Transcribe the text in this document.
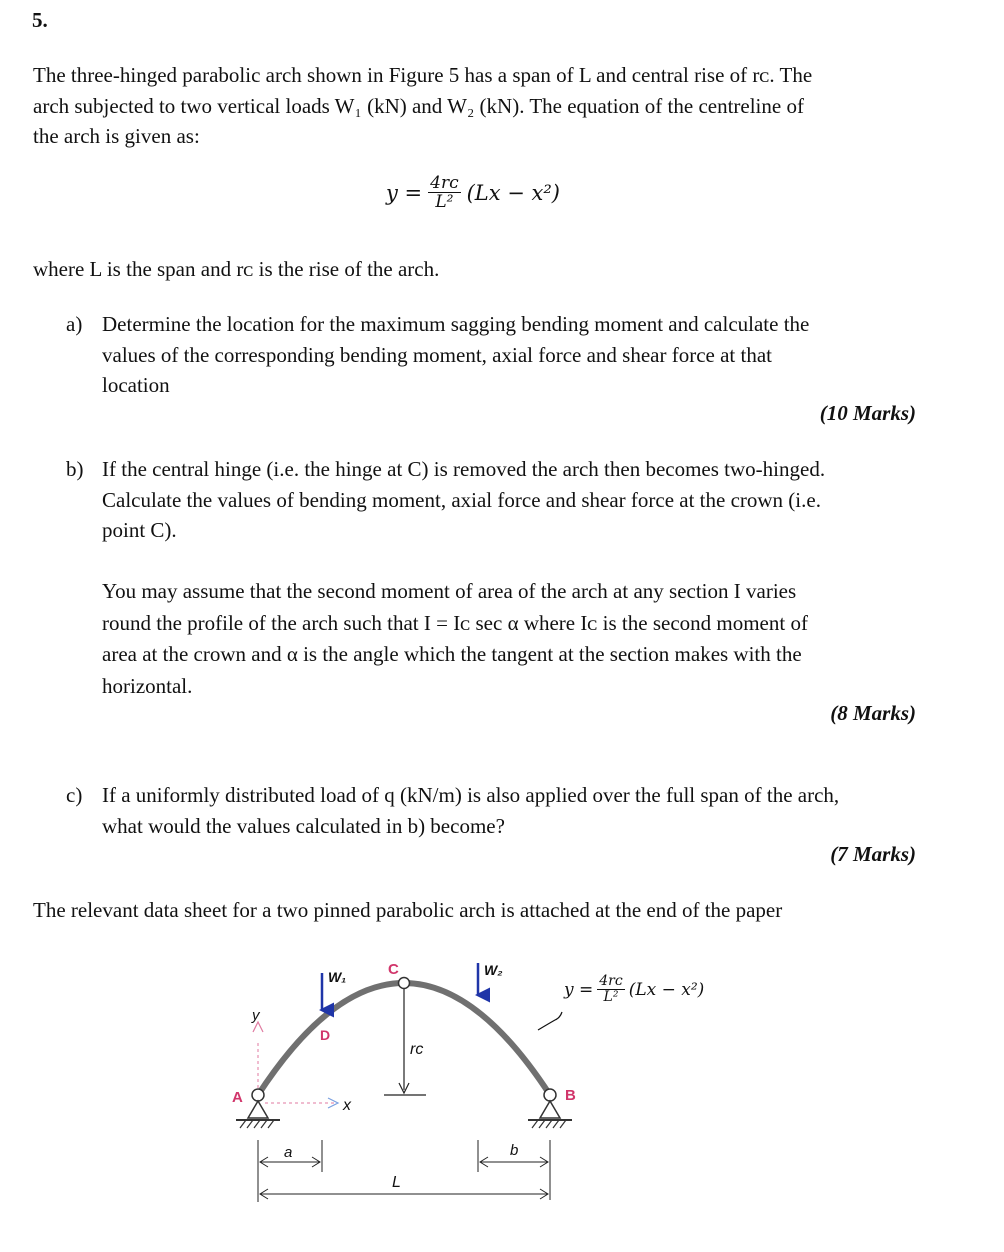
5.
The three-hinged parabolic arch shown in Figure 5 has a span of L and central rise of rᴄ. The
arch subjected to two vertical loads W₁ (kN) and W₂ (kN). The equation of the centreline of
the arch is given as:
$y = \frac{\text{4rᴄ}}{\text{L²}} (Lx - x^2)$
where L is the span and rᴄ is the rise of the arch.
a) Determine the location for the maximum sagging bending moment and calculate the
values of the corresponding bending moment, axial force and shear force at that
location
(10 Marks)
b) If the central hinge (i.e. the hinge at C) is removed the arch then becomes two-hinged.
Calculate the values of bending moment, axial force and shear force at the crown (i.e.
point C).
You may assume that the second moment of area of the arch at any section I varies
round the profile of the arch such that I = Iᴄ sec α where Iᴄ is the second moment of
area at the crown and α is the angle which the tangent at the section makes with the
horizontal.
(8 Marks)
c) If a uniformly distributed load of q (kN/m) is also applied over the full span of the arch,
what would the values calculated in b) become?
(7 Marks)
The relevant data sheet for a two pinned parabolic arch is attached at the end of the paper
W₁	W₂
C
D
A	B
rᴄ
y
x
a	b
L
$y = \frac{\text{4rᴄ}}{\text{L²}} (Lx - x^2)$
